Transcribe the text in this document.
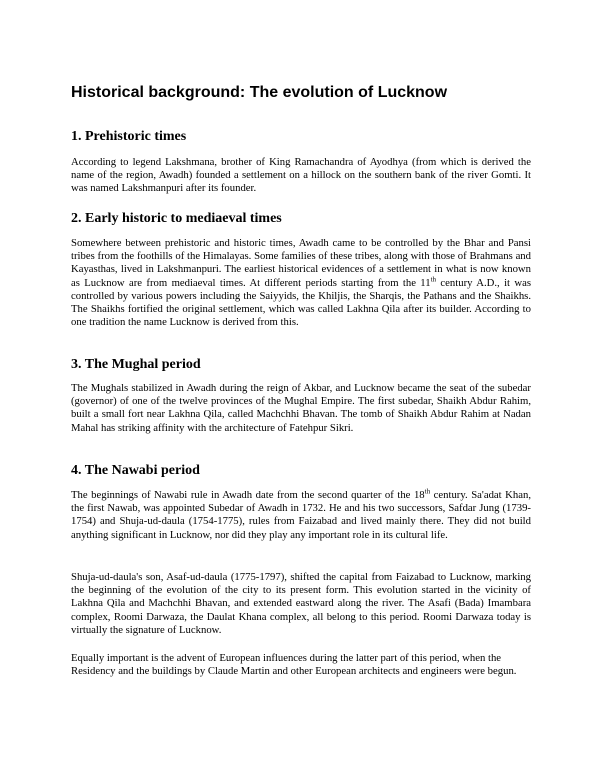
Historical background: The evolution of Lucknow
1. Prehistoric times

According to legend Lakshmana, brother of King Ramachandra of Ayodhya (from which is derived the name of the region, Awadh) founded a settlement on a hillock on the southern bank of the river Gomti. It was named Lakshmanpuri after its founder.

2. Early historic to mediaeval times

Somewhere between prehistoric and historic times, Awadh came to be controlled by the Bhar and Pansi tribes from the foothills of the Himalayas. Some families of these tribes, along with those of Brahmans and Kayasthas, lived in Lakshmanpuri. The earliest historical evidences of a settlement in what is now known as Lucknow are from mediaeval times. At different periods starting from the 11th century A.D., it was controlled by various powers including the Saiyyids, the Khiljis, the Sharqis, the Pathans and the Shaikhs. The Shaikhs fortified the original settlement, which was called Lakhna Qila after its builder. According to one tradition the name Lucknow is derived from this.

3. The Mughal period

The Mughals stabilized in Awadh during the reign of Akbar, and Lucknow became the seat of the subedar (governor) of one of the twelve provinces of the Mughal Empire. The first subedar, Shaikh Abdur Rahim, built a small fort near Lakhna Qila, called Machchhi Bhavan. The tomb of Shaikh Abdur Rahim at Nadan Mahal has striking affinity with the architecture of Fatehpur Sikri.

4. The Nawabi period

The beginnings of Nawabi rule in Awadh date from the second quarter of the 18th century. Sa'adat Khan, the first Nawab, was appointed Subedar of Awadh in 1732. He and his two successors, Safdar Jung (1739-1754) and Shuja-ud-daula (1754-1775), rules from Faizabad and lived mainly there. They did not build anything significant in Lucknow, nor did they play any important role in its cultural life.

Shuja-ud-daula's son, Asaf-ud-daula (1775-1797), shifted the capital from Faizabad to Lucknow, marking the beginning of the evolution of the city to its present form. This evolution started in the vicinity of Lakhna Qila and Machchhi Bhavan, and extended eastward along the river. The Asafi (Bada) Imambara complex, Roomi Darwaza, the Daulat Khana complex, all belong to this period. Roomi Darwaza today is virtually the signature of Lucknow.

Equally important is the advent of European influences during the latter part of this period, when the Residency and the buildings by Claude Martin and other European architects and engineers were begun.
